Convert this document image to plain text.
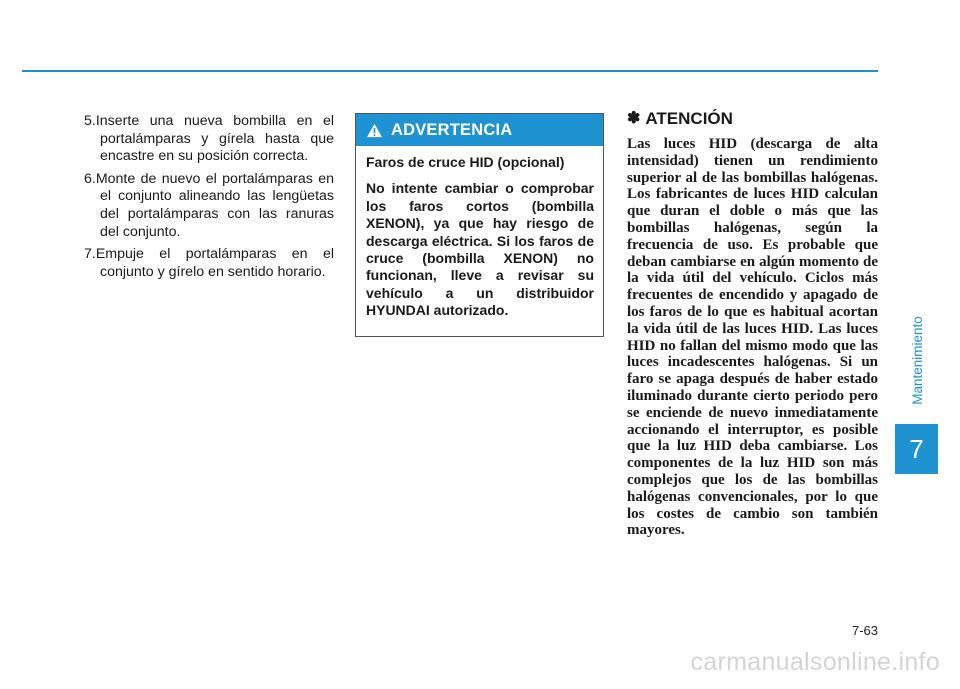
5.Inserte una nueva bombilla en el portalámparas y gírela hasta que encastre en su posición correcta.

6.Monte de nuevo el portalámparas en el conjunto alineando las lengüetas del portalámparas con las ranuras del conjunto.

7.Empuje el portalámparas en el conjunto y gírelo en sentido horario.

ADVERTENCIA

Faros de cruce HID (opcional)

No intente cambiar o comprobar los faros cortos (bombilla XENON), ya que hay riesgo de descarga eléctrica. Si los faros de cruce (bombilla XENON) no funcionan, lleve a revisar su vehículo a un distribuidor HYUNDAI autorizado.

✽ ATENCIÓN

Las luces HID (descarga de alta intensidad) tienen un rendimiento superior al de las bombillas halógenas. Los fabricantes de luces HID calculan que duran el doble o más que las bombillas halógenas, según la frecuencia de uso. Es probable que deban cambiarse en algún momento de la vida útil del vehículo. Ciclos más frecuentes de encendido y apagado de los faros de lo que es habitual acortan la vida útil de las luces HID. Las luces HID no fallan del mismo modo que las luces incadescentes halógenas. Si un faro se apaga después de haber estado iluminado durante cierto periodo pero se enciende de nuevo inmediatamente accionando el interruptor, es posible que la luz HID deba cambiarse. Los componentes de la luz HID son más complejos que los de las bombillas halógenas convencionales, por lo que los costes de cambio son también mayores.

Mantenimiento
7
7-63
carmanualsonline.info
